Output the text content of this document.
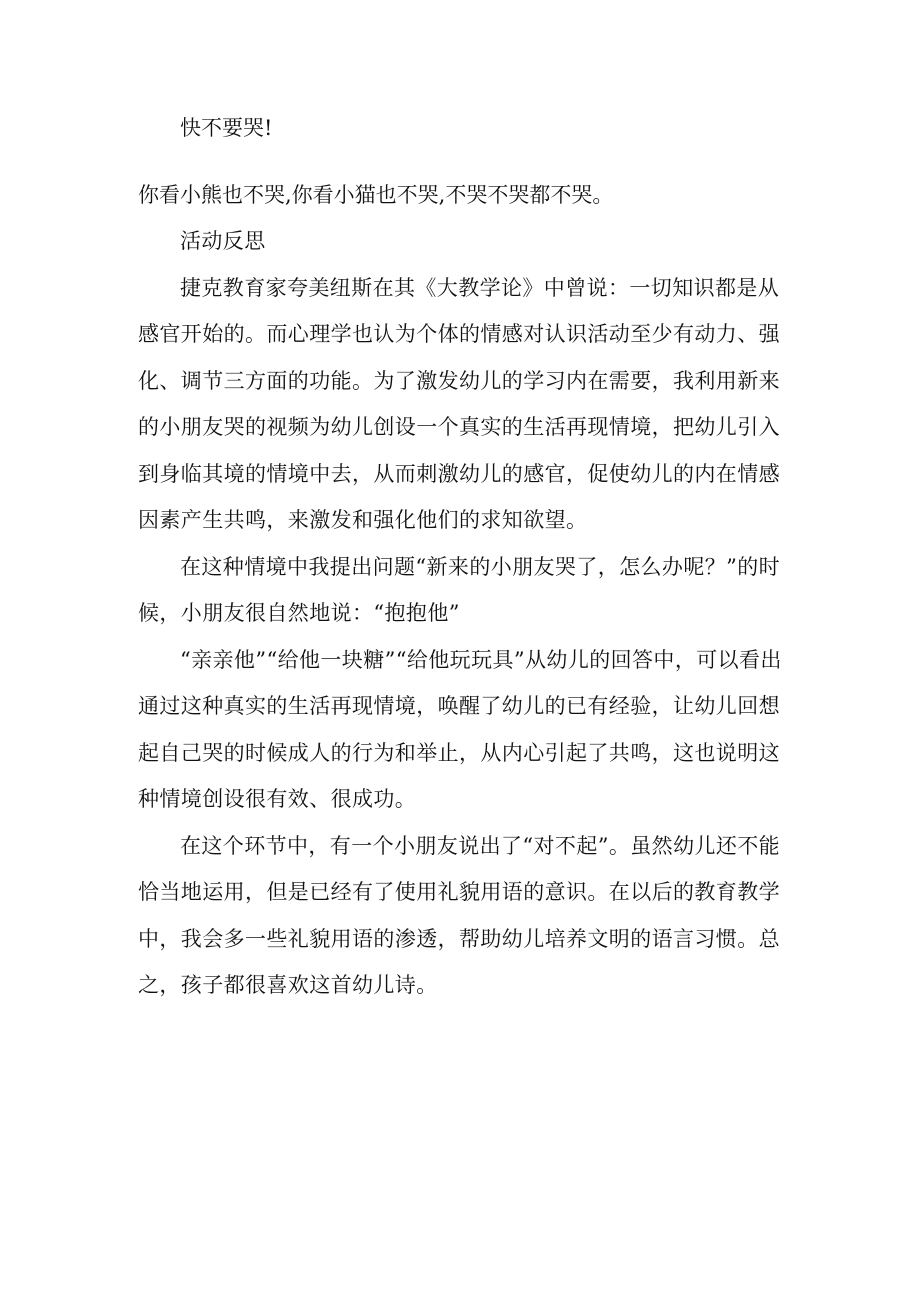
快不要哭!

你看小熊也不哭,你看小猫也不哭,不哭不哭都不哭。

活动反思

捷克教育家夸美纽斯在其《大教学论》中曾说：一切知识都是从感官开始的。而心理学也认为个体的情感对认识活动至少有动力、强化、调节三方面的功能。为了激发幼儿的学习内在需要，我利用新来的小朋友哭的视频为幼儿创设一个真实的生活再现情境，把幼儿引入到身临其境的情境中去，从而刺激幼儿的感官，促使幼儿的内在情感因素产生共鸣，来激发和强化他们的求知欲望。

在这种情境中我提出问题“新来的小朋友哭了，怎么办呢？”的时候，小朋友很自然地说：“抱抱他”

“亲亲他”“给他一块糖”“给他玩玩具”从幼儿的回答中，可以看出通过这种真实的生活再现情境，唤醒了幼儿的已有经验，让幼儿回想起自己哭的时候成人的行为和举止，从内心引起了共鸣，这也说明这种情境创设很有效、很成功。

在这个环节中，有一个小朋友说出了“对不起”。虽然幼儿还不能恰当地运用，但是已经有了使用礼貌用语的意识。在以后的教育教学中，我会多一些礼貌用语的渗透，帮助幼儿培养文明的语言习惯。总之，孩子都很喜欢这首幼儿诗。
